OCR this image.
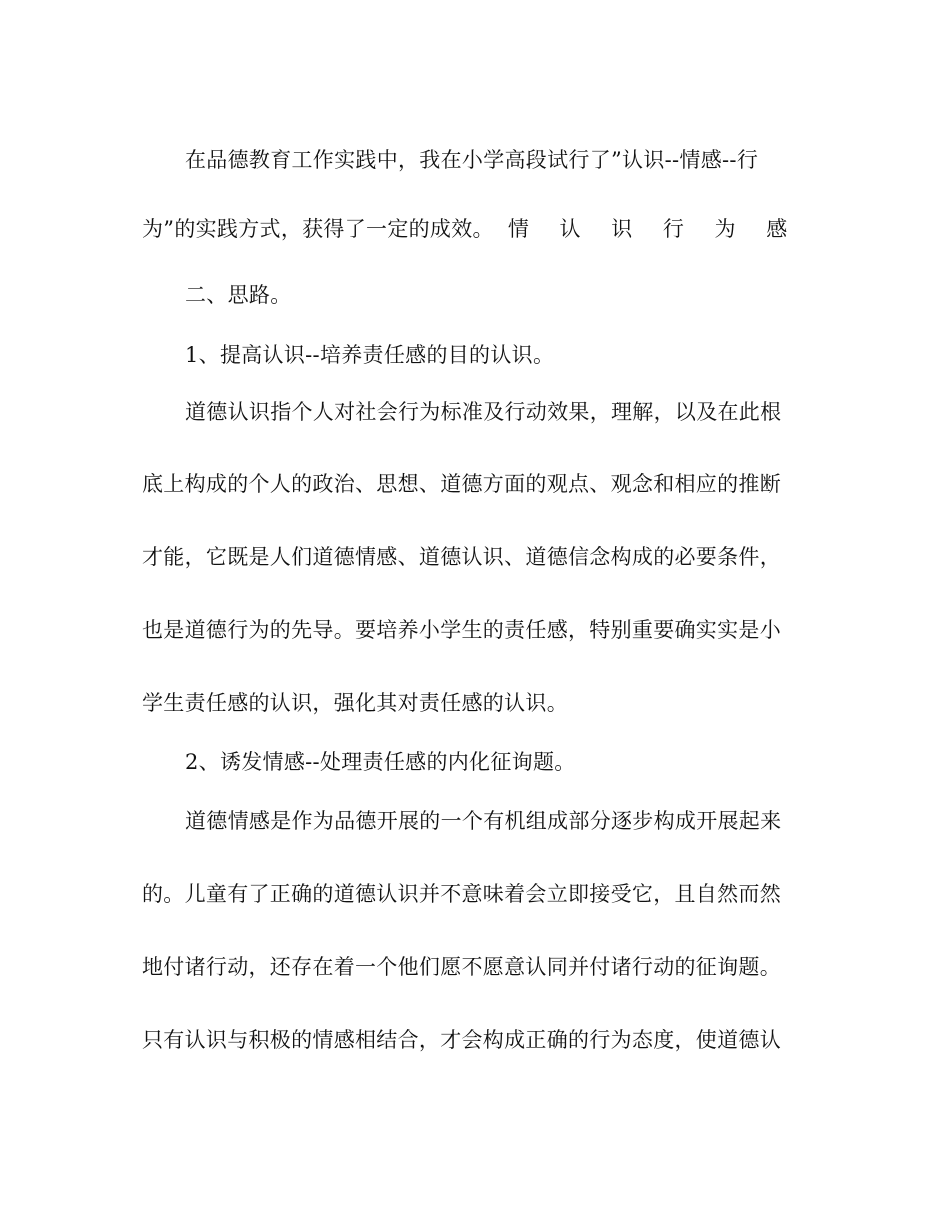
在品德教育工作实践中，我在小学高段试行了”认识--情感--行
为”的实践方式，获得了一定的成效。 情 认 识 行 为 感
二、思路。
1、提高认识--培养责任感的目的认识。
道德认识指个人对社会行为标准及行动效果，理解，以及在此根
底上构成的个人的政治、思想、道德方面的观点、观念和相应的推断
才能，它既是人们道德情感、道德认识、道德信念构成的必要条件，
也是道德行为的先导。要培养小学生的责任感，特别重要确实实是小
学生责任感的认识，强化其对责任感的认识。
2、诱发情感--处理责任感的内化征询题。
道德情感是作为品德开展的一个有机组成部分逐步构成开展起来
的。儿童有了正确的道德认识并不意味着会立即接受它，且自然而然
地付诸行动，还存在着一个他们愿不愿意认同并付诸行动的征询题。
只有认识与积极的情感相结合，才会构成正确的行为态度，使道德认
